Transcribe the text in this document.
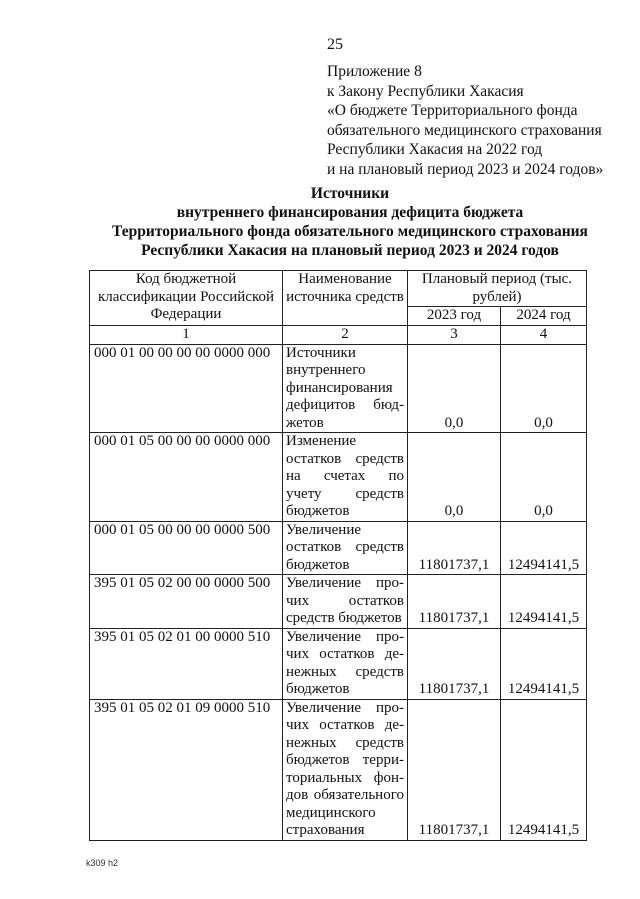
25
Приложение 8
к Закону Республики Хакасия
«О бюджете Территориального фонда
обязательного медицинского страхования
Республики Хакасия на 2022 год
и на плановый период 2023 и 2024 годов»
Источники
внутреннего финансирования дефицита бюджета
Территориального фонда обязательного медицинского страхования
Республики Хакасия на плановый период 2023 и 2024 годов
Код бюджетной классификации Российской Федерации	Наименование источника средств	Плановый период (тыс. рублей)	
		2023 год	2024 год
1	2	3	4
000 01 00 00 00 00 0000 000	Источники внутреннего финансирования дефицитов бюд-жетов	0,0	0,0
000 01 05 00 00 00 0000 000	Изменение остатков средств на счетах по учету средств бюджетов	0,0	0,0
000 01 05 00 00 00 0000 500	Увеличение остатков средств бюджетов	11801737,1	12494141,5
395 01 05 02 00 00 0000 500	Увеличение про-чих остатков средств бюджетов	11801737,1	12494141,5
395 01 05 02 01 00 0000 510	Увеличение про-чих остатков де-нежных средств бюджетов	11801737,1	12494141,5
395 01 05 02 01 09 0000 510	Увеличение про-чих остатков де-нежных средств бюджетов терри-ториальных фон-дов обязательного медицинского страхования	11801737,1	12494141,5
k309 h2
